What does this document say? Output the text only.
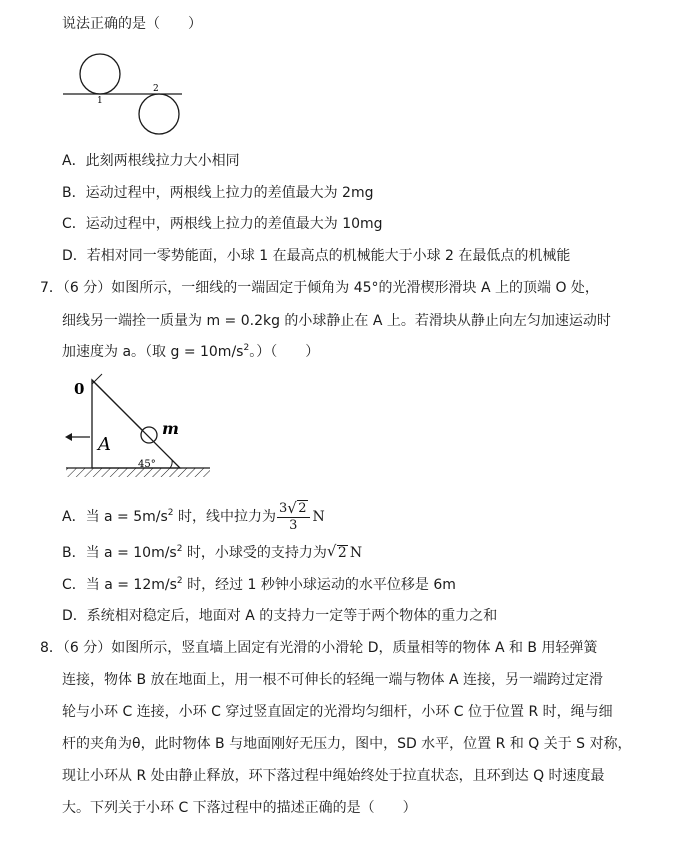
说法正确的是（　　）
1
2
A．此刻两根线拉力大小相同
B．运动过程中，两根线上拉力的差值最大为 2mg
C．运动过程中，两根线上拉力的差值最大为 10mg
D．若相对同一零势能面，小球 1 在最高点的机械能大于小球 2 在最低点的机械能
7．（6 分）如图所示，一细线的一端固定于倾角为 45°的光滑楔形滑块 A 上的顶端 O 处，
细线另一端拴一质量为 m = 0.2kg 的小球静止在 A 上。若滑块从静止向左匀加速运动时
加速度为 a。（取 $g = 10m/s^2$。）（　　）
0
m
A
45°
A．当 $a = 5m/s^2$ 时，线中拉力为 $\frac{3 √ 2}{3}$ N
B．当 $a = 10m/s^2$ 时，小球受的支持力为 √ 2 N
C．当 $a = 12m/s^2$ 时，经过 1 秒钟小球运动的水平位移是 6m
D．系统相对稳定后，地面对 A 的支持力一定等于两个物体的重力之和
8．（6 分）如图所示，竖直墙上固定有光滑的小滑轮 D，质量相等的物体 A 和 B 用轻弹簧
连接，物体 B 放在地面上，用一根不可伸长的轻绳一端与物体 A 连接，另一端跨过定滑
轮与小环 C 连接，小环 C 穿过竖直固定的光滑均匀细杆，小环 C 位于位置 R 时，绳与细
杆的夹角为θ，此时物体 B 与地面刚好无压力，图中，SD 水平，位置 R 和 Q 关于 S 对称，
现让小环从 R 处由静止释放，环下落过程中绳始终处于拉直状态，且环到达 Q 时速度最
大。下列关于小环 C 下落过程中的描述正确的是（　　）
